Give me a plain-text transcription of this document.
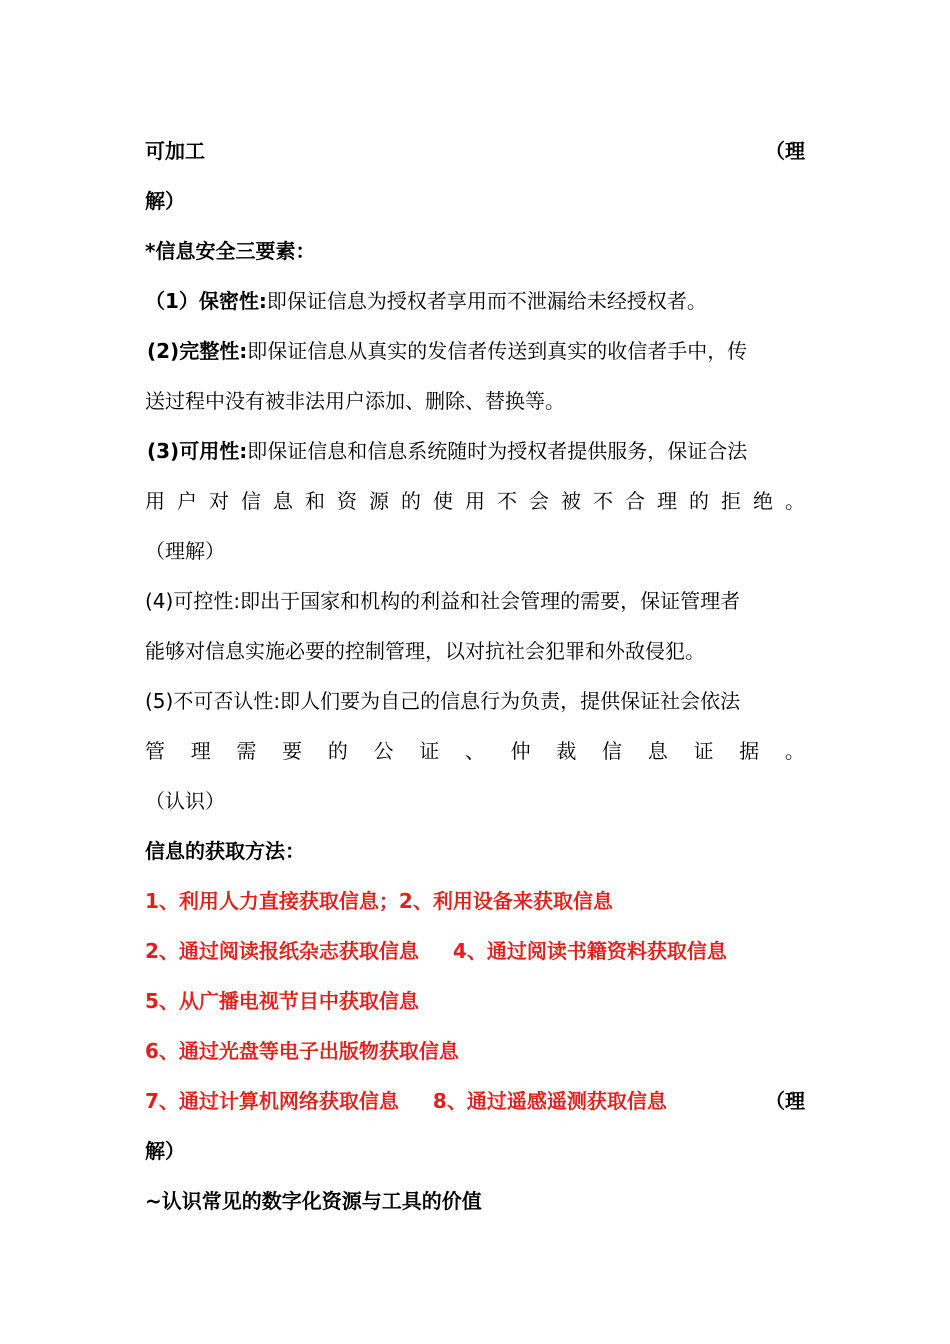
可加工	（理
解）
*信息安全三要素：
（1）保密性:即保证信息为授权者享用而不泄漏给未经授权者。
(2)完整性:即保证信息从真实的发信者传送到真实的收信者手中，传
送过程中没有被非法用户添加、删除、替换等。
(3)可用性:即保证信息和信息系统随时为授权者提供服务，保证合法
用 户 对 信 息 和 资 源 的 使 用 不 会 被 不 合 理 的 拒 绝 。
（理解）
(4)可控性:即出于国家和机构的利益和社会管理的需要，保证管理者
能够对信息实施必要的控制管理，以对抗社会犯罪和外敌侵犯。
(5)不可否认性:即人们要为自己的信息行为负责，提供保证社会依法
管 理 需 要 的 公 证 、 仲 裁 信 息 证 据 。
（认识）
信息的获取方法：
1、利用人力直接获取信息；2、利用设备来获取信息
2、通过阅读报纸杂志获取信息 4、通过阅读书籍资料获取信息
5、从广播电视节目中获取信息
6、通过光盘等电子出版物获取信息
7、通过计算机网络获取信息 8、通过遥感遥测获取信息	（理
解）
~认识常见的数字化资源与工具的价值
